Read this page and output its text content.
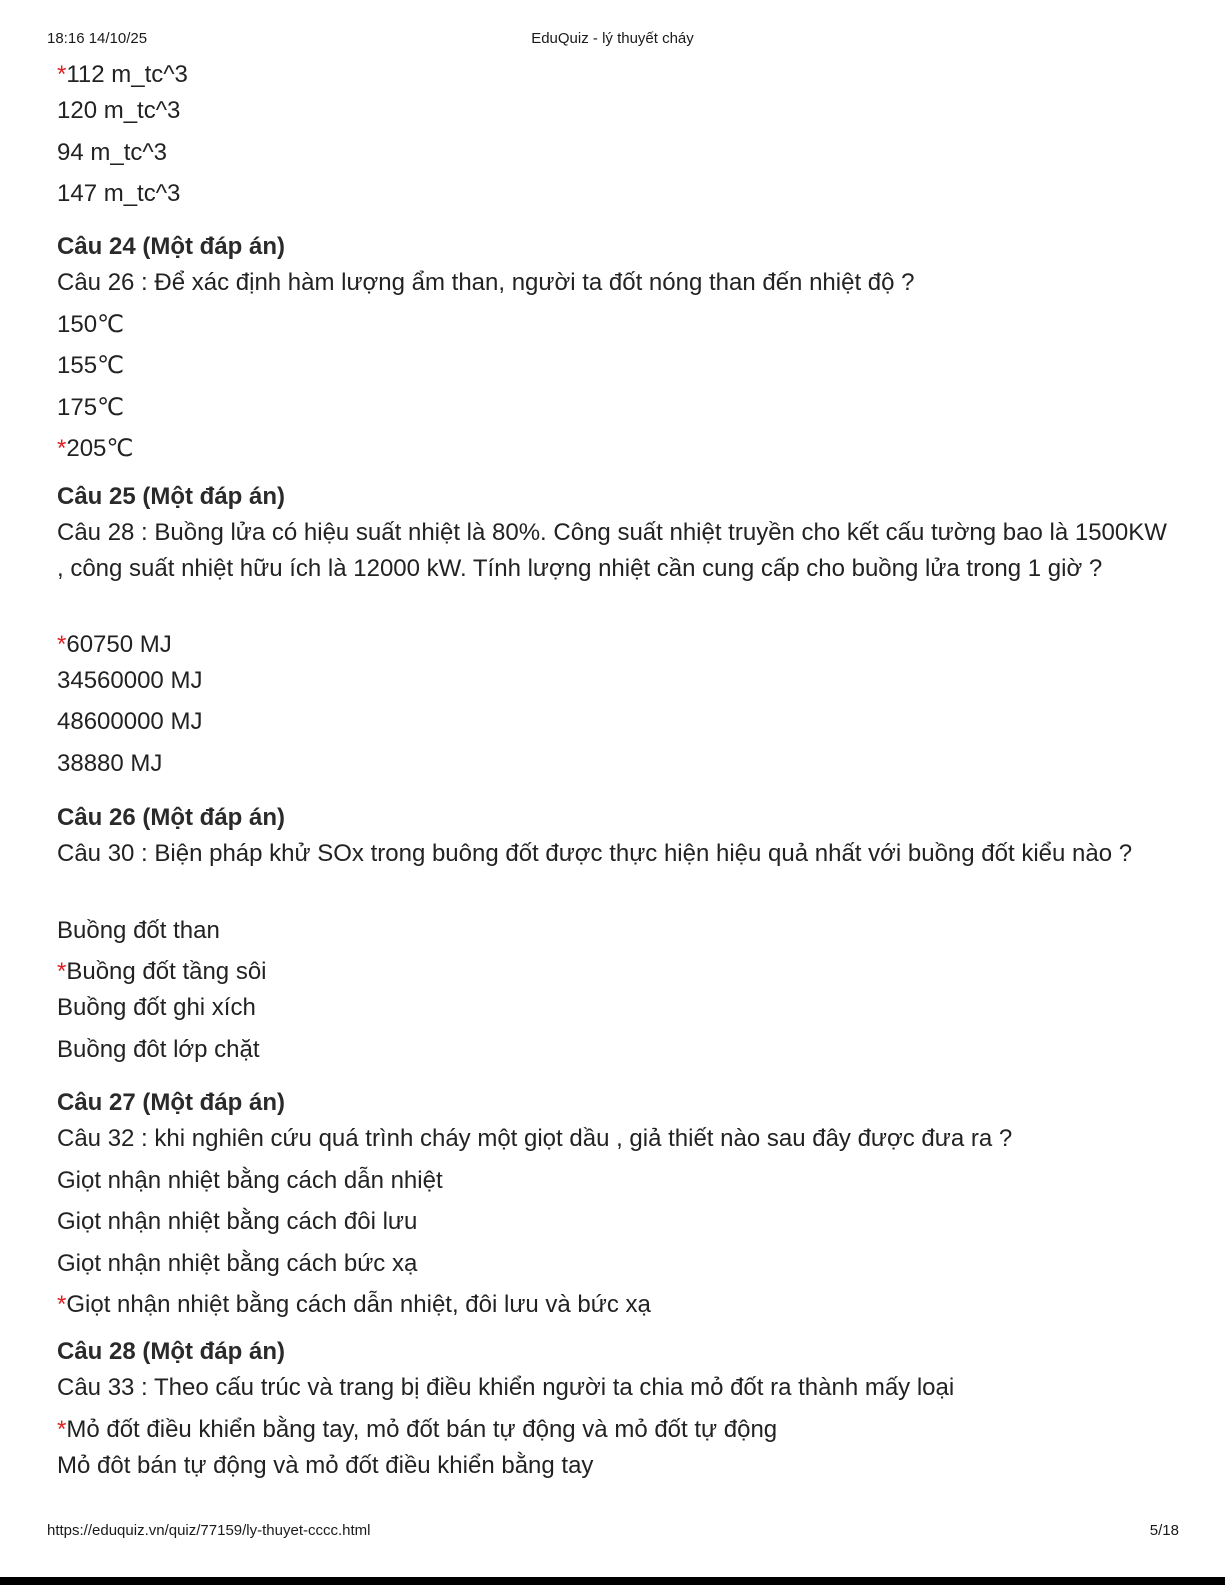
18:16 14/10/25	EduQuiz - lý thuyết cháy
*112 m_tc^3
120 m_tc^3
94 m_tc^3
147 m_tc^3
Câu 24 (Một đáp án)
Câu 26 : Để xác định hàm lượng ẩm than, người ta đốt nóng than đến nhiệt độ ?
150℃
155℃
175℃
*205℃
Câu 25 (Một đáp án)
Câu 28 : Buồng lửa có hiệu suất nhiệt là 80%. Công suất nhiệt truyền cho kết cấu tường bao là 1500KW , công suất nhiệt hữu ích là 12000 kW. Tính lượng nhiệt cần cung cấp cho buồng lửa trong 1 giờ ?
*60750 MJ
34560000 MJ
48600000 MJ
38880 MJ
Câu 26 (Một đáp án)
Câu 30 : Biện pháp khử SOx trong buông đốt được thực hiện hiệu quả nhất với buồng đốt kiểu nào ?
Buồng đốt than
*Buồng đốt tầng sôi
Buồng đốt ghi xích
Buồng đôt lớp chặt
Câu 27 (Một đáp án)
Câu 32 : khi nghiên cứu quá trình cháy một giọt dầu , giả thiết nào sau đây được đưa ra ?
Giọt nhận nhiệt bằng cách dẫn nhiệt
Giọt nhận nhiệt bằng cách đôi lưu
Giọt nhận nhiệt bằng cách bức xạ
*Giọt nhận nhiệt bằng cách dẫn nhiệt, đôi lưu và bức xạ
Câu 28 (Một đáp án)
Câu 33 : Theo cấu trúc và trang bị điều khiển người ta chia mỏ đốt ra thành mấy loại
*Mỏ đốt điều khiển bằng tay, mỏ đốt bán tự động và mỏ đốt tự động
Mỏ đôt bán tự động và mỏ đốt điều khiển bằng tay
https://eduquiz.vn/quiz/77159/ly-thuyet-cccc.html	5/18
